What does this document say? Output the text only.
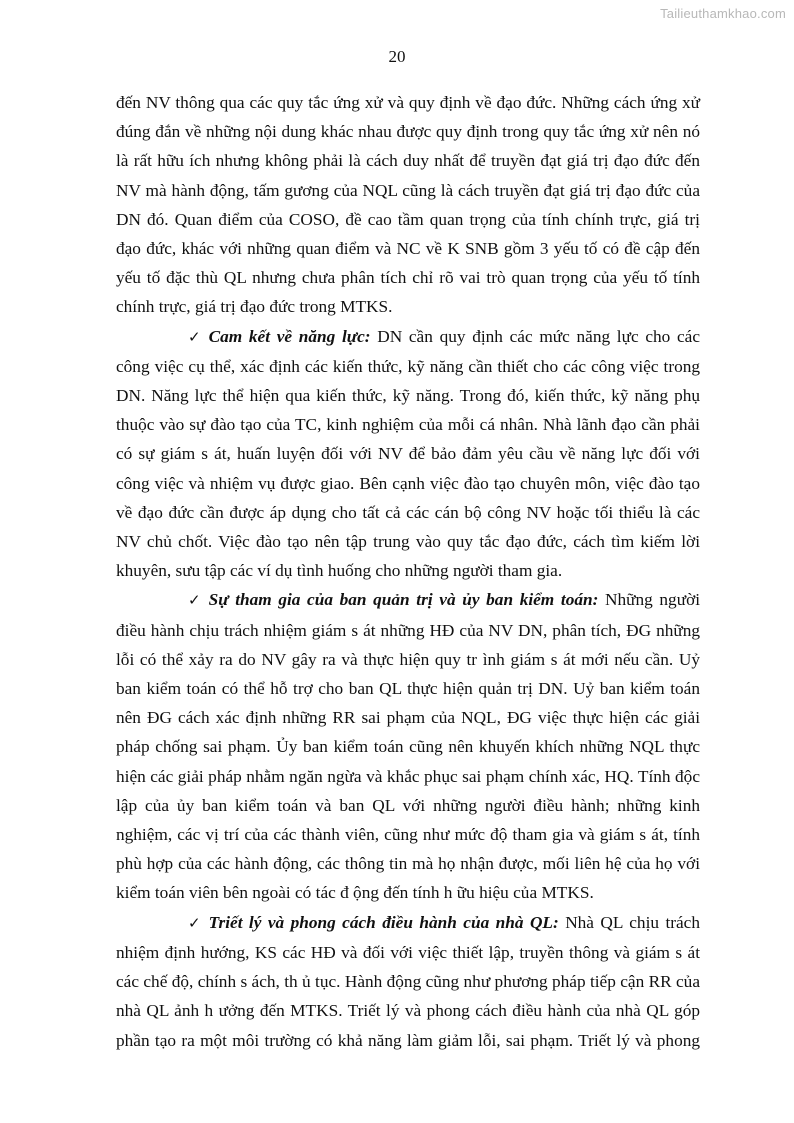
Tailieuthamkhao.com
20
đến NV thông qua các quy tắc ứng xử và quy định về đạo đức. Những cách ứng xử
đúng đắn về những nội dung khác nhau được quy định trong quy tắc ứng xử nên nó
là rất hữu ích nhưng không phải là cách duy nhất để truyền đạt giá trị đạo đức đến
NV mà hành động, tấm gương của NQL cũng là cách truyền đạt giá trị đạo đức của
DN đó. Quan điểm của COSO, đề cao tầm quan trọng của tính chính trực, giá trị
đạo đức, khác với những quan điểm và NC về K SNB gồm 3 yếu tố có đề cập đến
yếu tố đặc thù QL nhưng chưa phân tích chỉ rõ vai trò quan trọng của yếu tố tính
chính trực, giá trị đạo đức trong MTKS.
✓ Cam kết về năng lực: DN cần quy định các mức năng lực cho các
công việc cụ thể, xác định các kiến thức, kỹ năng cần thiết cho các công việc trong
DN. Năng lực thể hiện qua kiến thức, kỹ năng. Trong đó, kiến thức, kỹ năng phụ
thuộc vào sự đào tạo của TC, kinh nghiệm của mỗi cá nhân. Nhà lãnh đạo cần phải
có sự giám s át, huấn luyện đối với NV để bảo đảm yêu cầu về năng lực đối với
công việc và nhiệm vụ được giao. Bên cạnh việc đào tạo chuyên môn, việc đào tạo
về đạo đức cần được áp dụng cho tất cả các cán bộ công NV hoặc tối thiểu là các
NV chủ chốt. Việc đào tạo nên tập trung vào quy tắc đạo đức, cách tìm kiếm lời
khuyên, sưu tập các ví dụ tình huống cho những người tham gia.
✓ Sự tham gia của ban quản trị và ủy ban kiểm toán: Những người
điều hành chịu trách nhiệm giám s át những HĐ của NV DN, phân tích, ĐG những
lỗi có thể xảy ra do NV gây ra và thực hiện quy tr ình giám s át mới nếu cần. Uỷ
ban kiểm toán có thể hỗ trợ cho ban QL thực hiện quản trị DN. Uỷ ban kiểm toán
nên ĐG cách xác định những RR sai phạm của NQL, ĐG việc thực hiện các giải
pháp chống sai phạm. Ủy ban kiểm toán cũng nên khuyến khích những NQL thực
hiện các giải pháp nhằm ngăn ngừa và khắc phục sai phạm chính xác, HQ. Tính độc
lập của ủy ban kiểm toán và ban QL với những người điều hành; những kinh
nghiệm, các vị trí của các thành viên, cũng như mức độ tham gia và giám s át, tính
phù hợp của các hành động, các thông tin mà họ nhận được, mối liên hệ của họ với
kiểm toán viên bên ngoài có tác đ ộng đến tính h ữu hiệu của MTKS.
✓ Triết lý và phong cách điều hành của nhà QL: Nhà QL chịu trách
nhiệm định hướng, KS các HĐ và đối với việc thiết lập, truyền thông và giám s át
các chế độ, chính s ách, th ủ tục. Hành động cũng như phương pháp tiếp cận RR của
nhà QL ảnh h ưởng đến MTKS. Triết lý và phong cách điều hành của nhà QL góp
phần tạo ra một môi trường có khả năng làm giảm lỗi, sai phạm. Triết lý và phong
